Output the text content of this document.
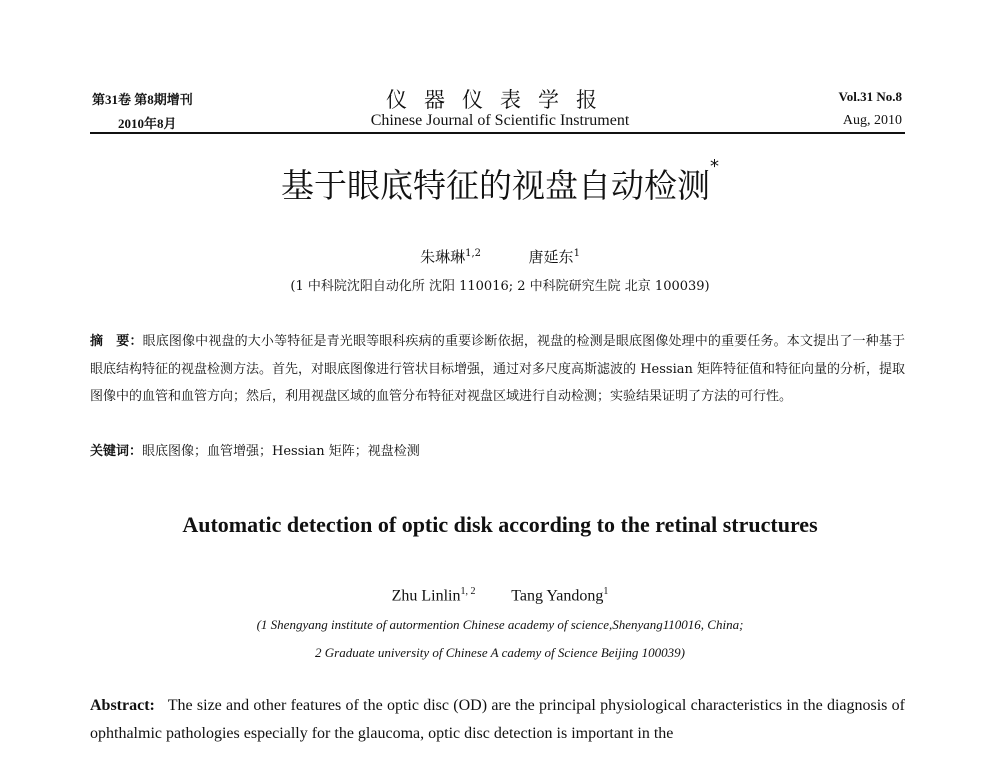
第31卷 第8期增刊
2010年8月
仪器仪表学报
Chinese Journal of Scientific Instrument
Vol.31 No.8
Aug, 2010
基于眼底特征的视盘自动检测*
朱琳琳$^{1,2}$	唐延东$^1$
(1 中科院沈阳自动化所 沈阳 110016; 2 中科院研究生院 北京 100039)
摘　要：眼底图像中视盘的大小等特征是青光眼等眼科疾病的重要诊断依据，视盘的检测是眼底图像处理中的重要任务。本文提出了一种基于眼底结构特征的视盘检测方法。首先，对眼底图像进行管状目标增强，通过对多尺度高斯滤波的 Hessian 矩阵特征值和特征向量的分析，提取图像中的血管和血管方向；然后，利用视盘区域的血管分布特征对视盘区域进行自动检测；实验结果证明了方法的可行性。
关键词：眼底图像；血管增强；Hessian 矩阵；视盘检测
Automatic detection of optic disk according to the retinal structures
Zhu Linlin$^{1, 2}$ Tang Yandong$^1$
(1 Shengyang institute of autormention Chinese academy of science,Shenyang110016, China;
2 Graduate university of Chinese A cademy of Science Beijing 100039)
Abstract: The size and other features of the optic disc (OD) are the principal physiological characteristics in the diagnosis of ophthalmic pathologies especially for the glaucoma, optic disc detection is important in the
